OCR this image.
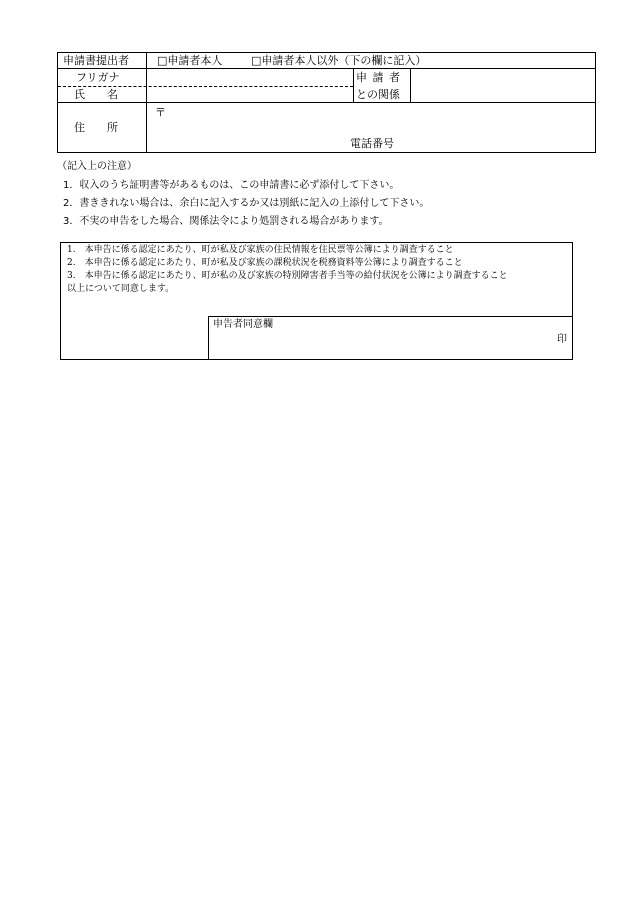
申請書提出者	□申請者本人	□申請者本人以外（下の欄に記入）
フリガナ
氏　　名
申 請 者
との関係
住　　所
〒
電話番号
（記入上の注意）
1．収入のうち証明書等があるものは、この申請書に必ず添付して下さい。
2．書ききれない場合は、余白に記入するか又は別紙に記入の上添付して下さい。
3．不実の申告をした場合、関係法令により処罰される場合があります。
1.　本申告に係る認定にあたり、町が私及び家族の住民情報を住民票等公簿により調査すること
2.　本申告に係る認定にあたり、町が私及び家族の課税状況を税務資料等公簿により調査すること
3.　本申告に係る認定にあたり、町が私の及び家族の特別障害者手当等の給付状況を公簿により調査すること
以上について同意します。
申告者同意欄
印
